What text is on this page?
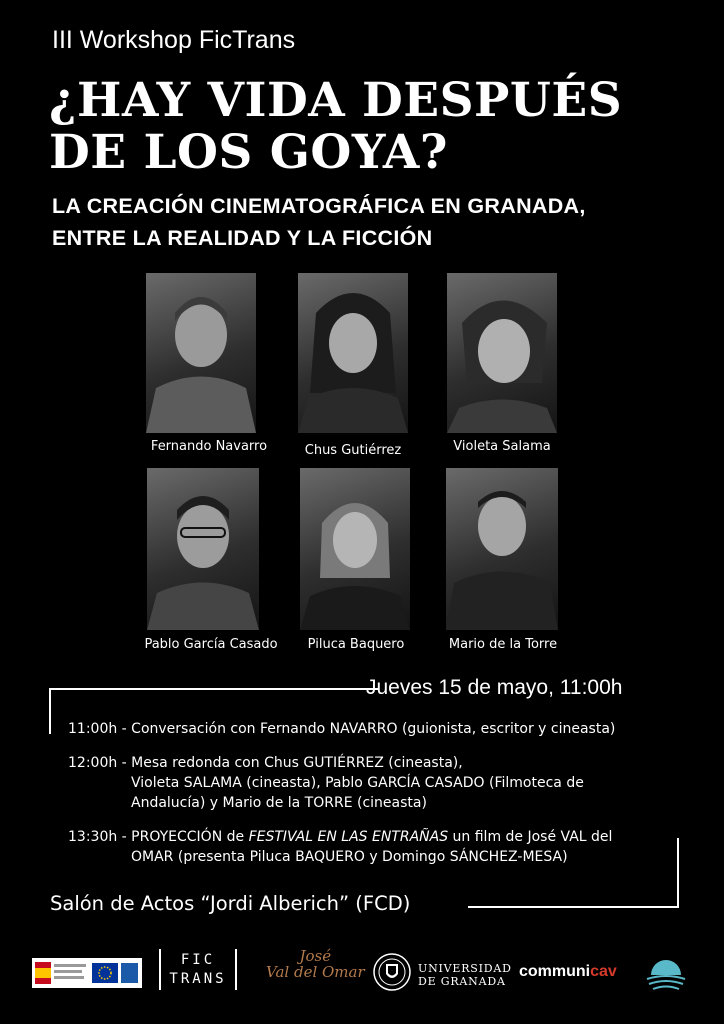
III Workshop FicTrans
¿HAY VIDA DESPUÉS
DE LOS GOYA?
LA CREACIÓN CINEMATOGRÁFICA EN GRANADA,
ENTRE LA REALIDAD Y LA FICCIÓN
Fernando Navarro	Chus Gutiérrez	Violeta Salama
Pablo García Casado	Piluca Baquero	Mario de la Torre
Jueves 15 de mayo, 11:00h
11:00h - Conversación con Fernando NAVARRO (guionista, escritor y cineasta)
12:00h - Mesa redonda con Chus GUTIÉRREZ (cineasta),
Violeta SALAMA (cineasta), Pablo GARCÍA CASADO (Filmoteca de
Andalucía) y Mario de la TORRE (cineasta)
13:30h - PROYECCIÓN de FESTIVAL EN LAS ENTRAÑAS un film de José VAL del
OMAR (presenta Piluca BAQUERO y Domingo SÁNCHEZ-MESA)
Salón de Actos “Jordi Alberich” (FCD)
FIC
TRANS
José
Val del Omar	UNIVERSIDAD
DE GRANADA
communicav
